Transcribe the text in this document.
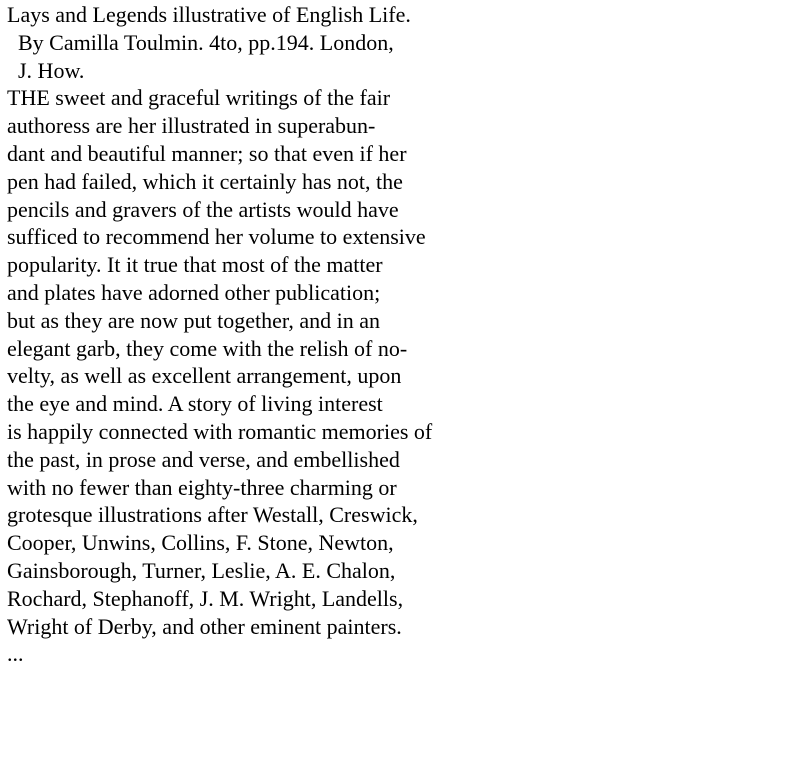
Lays and Legends illustrative of English Life.
By Camilla Toulmin. 4to, pp.194. London,
J. How.
THE sweet and graceful writings of the fair
authoress are her illustrated in superabun-
dant and beautiful manner; so that even if her
pen had failed, which it certainly has not, the
pencils and gravers of the artists would have
sufficed to recommend her volume to extensive
popularity. It it true that most of the matter
and plates have adorned other publication;
but as they are now put together, and in an
elegant garb, they come with the relish of no-
velty, as well as excellent arrangement, upon
the eye and mind. A story of living interest
is happily connected with romantic memories of
the past, in prose and verse, and embellished
with no fewer than eighty-three charming or
grotesque illustrations after Westall, Creswick,
Cooper, Unwins, Collins, F. Stone, Newton,
Gainsborough, Turner, Leslie, A. E. Chalon,
Rochard, Stephanoff, J. M. Wright, Landells,
Wright of Derby, and other eminent painters.
...
